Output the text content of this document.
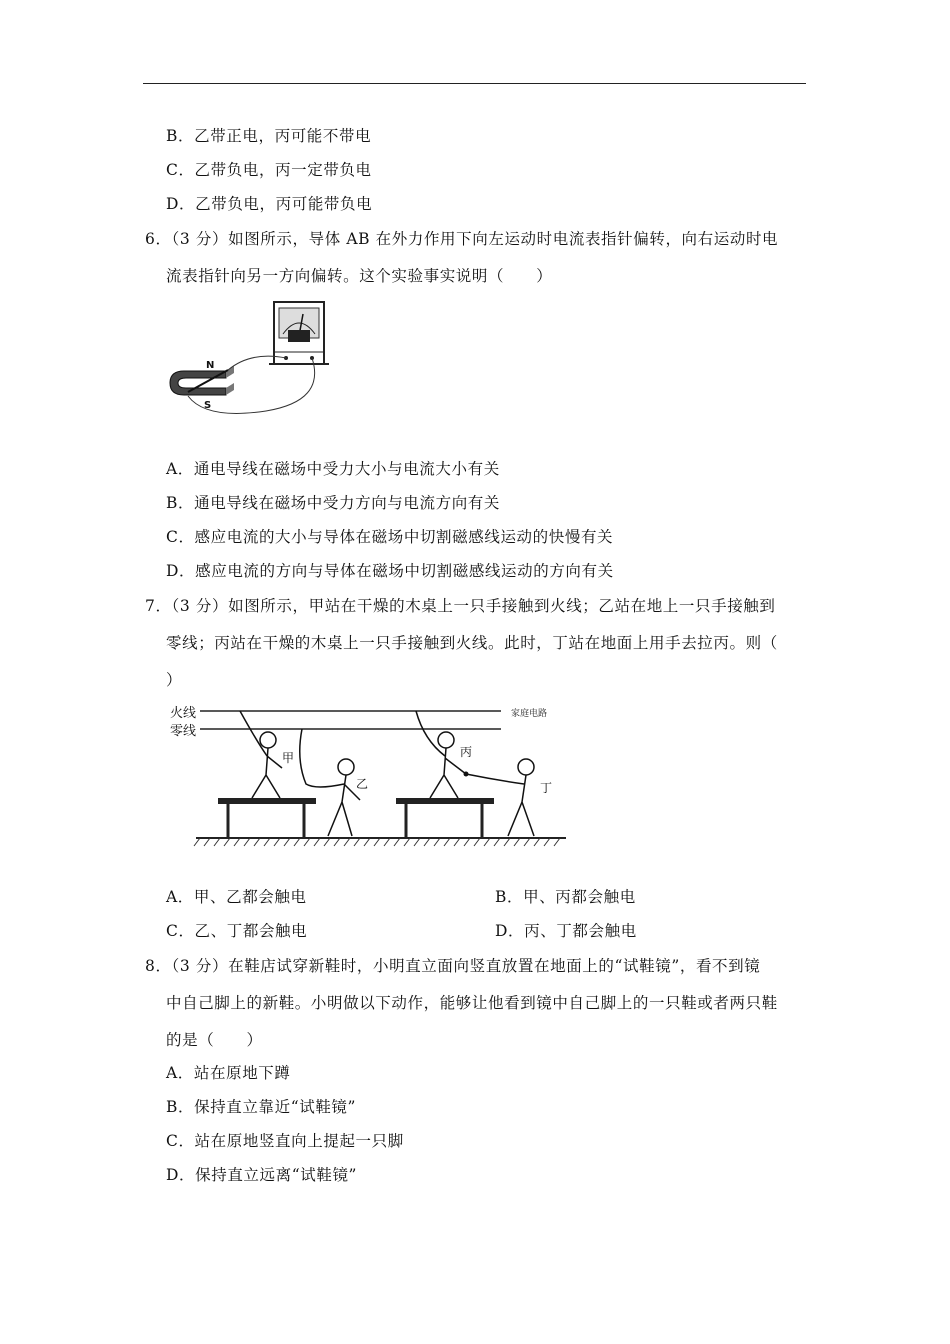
B．乙带正电，丙可能不带电
C．乙带负电，丙一定带负电
D．乙带负电，丙可能带负电
6．（3 分）如图所示，导体 AB 在外力作用下向左运动时电流表指针偏转，向右运动时电
流表指针向另一方向偏转。这个实验事实说明（　　）
N
S
A．通电导线在磁场中受力大小与电流大小有关
B．通电导线在磁场中受力方向与电流方向有关
C．感应电流的大小与导体在磁场中切割磁感线运动的快慢有关
D．感应电流的方向与导体在磁场中切割磁感线运动的方向有关
7．（3 分）如图所示，甲站在干燥的木桌上一只手接触到火线；乙站在地上一只手接触到
零线；丙站在干燥的木桌上一只手接触到火线。此时，丁站在地面上用手去拉丙。则（
）
火线
零线
家庭电路
甲
乙
丙
丁
A．甲、乙都会触电	B．甲、丙都会触电
C．乙、丁都会触电	D．丙、丁都会触电
8．（3 分）在鞋店试穿新鞋时，小明直立面向竖直放置在地面上的“试鞋镜”，看不到镜
中自己脚上的新鞋。小明做以下动作，能够让他看到镜中自己脚上的一只鞋或者两只鞋
的是（　　）
A．站在原地下蹲
B．保持直立靠近“试鞋镜”
C．站在原地竖直向上提起一只脚
D．保持直立远离“试鞋镜”
